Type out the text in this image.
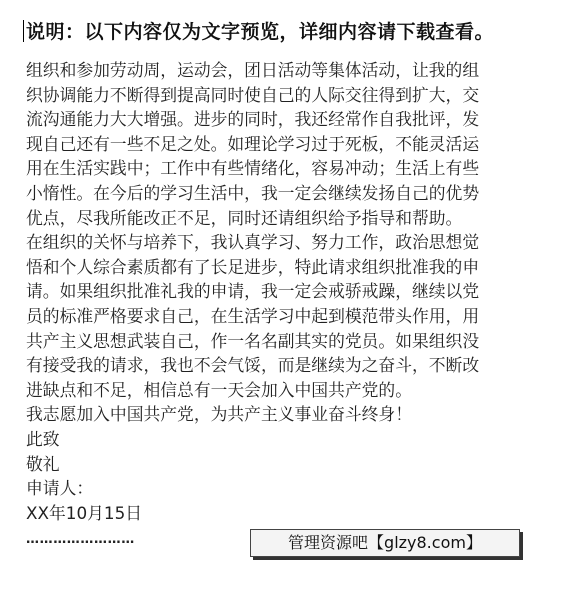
说明：以下内容仅为文字预览，详细内容请下载查看。
组织和参加劳动周，运动会，团日活动等集体活动，让我的组
织协调能力不断得到提高同时使自己的人际交往得到扩大，交
流沟通能力大大增强。进步的同时，我还经常作自我批评，发
现自己还有一些不足之处。如理论学习过于死板，不能灵活运
用在生活实践中；工作中有些情绪化，容易冲动；生活上有些
小惰性。在今后的学习生活中，我一定会继续发扬自己的优势
优点，尽我所能改正不足，同时还请组织给予指导和帮助。
在组织的关怀与培养下，我认真学习、努力工作，政治思想觉
悟和个人综合素质都有了长足进步，特此请求组织批准我的申
请。如果组织批准礼我的申请，我一定会戒骄戒躁，继续以党
员的标准严格要求自己，在生活学习中起到模范带头作用，用
共产主义思想武装自己，作一名名副其实的党员。如果组织没
有接受我的请求，我也不会气馁，而是继续为之奋斗，不断改
进缺点和不足，相信总有一天会加入中国共产党的。
我志愿加入中国共产党，为共产主义事业奋斗终身！
此致
敬礼
申请人：
XX年10月15日
……………………	管理资源吧【glzy8.com】
